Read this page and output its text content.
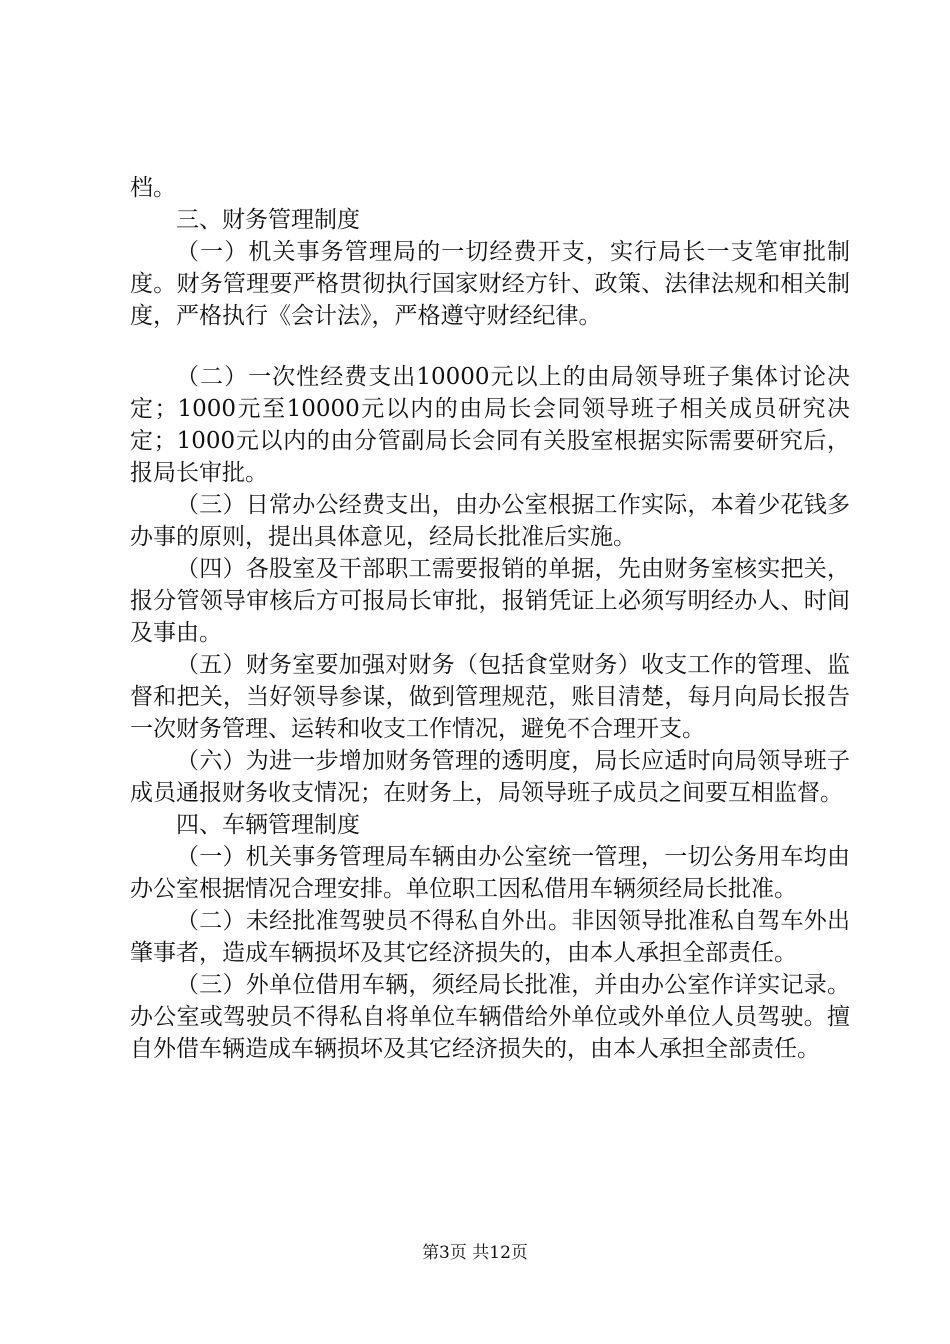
档。

三、财务管理制度

（一）机关事务管理局的一切经费开支，实行局长一支笔审批制度。财务管理要严格贯彻执行国家财经方针、政策、法律法规和相关制度，严格执行《会计法》，严格遵守财经纪律。

（二）一次性经费支出10000元以上的由局领导班子集体讨论决定；1000元至10000元以内的由局长会同领导班子相关成员研究决定；1000元以内的由分管副局长会同有关股室根据实际需要研究后，报局长审批。

（三）日常办公经费支出，由办公室根据工作实际，本着少花钱多办事的原则，提出具体意见，经局长批准后实施。

（四）各股室及干部职工需要报销的单据，先由财务室核实把关，报分管领导审核后方可报局长审批，报销凭证上必须写明经办人、时间及事由。

（五）财务室要加强对财务（包括食堂财务）收支工作的管理、监督和把关，当好领导参谋，做到管理规范，账目清楚，每月向局长报告一次财务管理、运转和收支工作情况，避免不合理开支。

（六）为进一步增加财务管理的透明度，局长应适时向局领导班子成员通报财务收支情况；在财务上，局领导班子成员之间要互相监督。

四、车辆管理制度

（一）机关事务管理局车辆由办公室统一管理，一切公务用车均由办公室根据情况合理安排。单位职工因私借用车辆须经局长批准。

（二）未经批准驾驶员不得私自外出。非因领导批准私自驾车外出肇事者，造成车辆损坏及其它经济损失的，由本人承担全部责任。

（三）外单位借用车辆，须经局长批准，并由办公室作详实记录。办公室或驾驶员不得私自将单位车辆借给外单位或外单位人员驾驶。擅自外借车辆造成车辆损坏及其它经济损失的，由本人承担全部责任。

第3页 共12页
